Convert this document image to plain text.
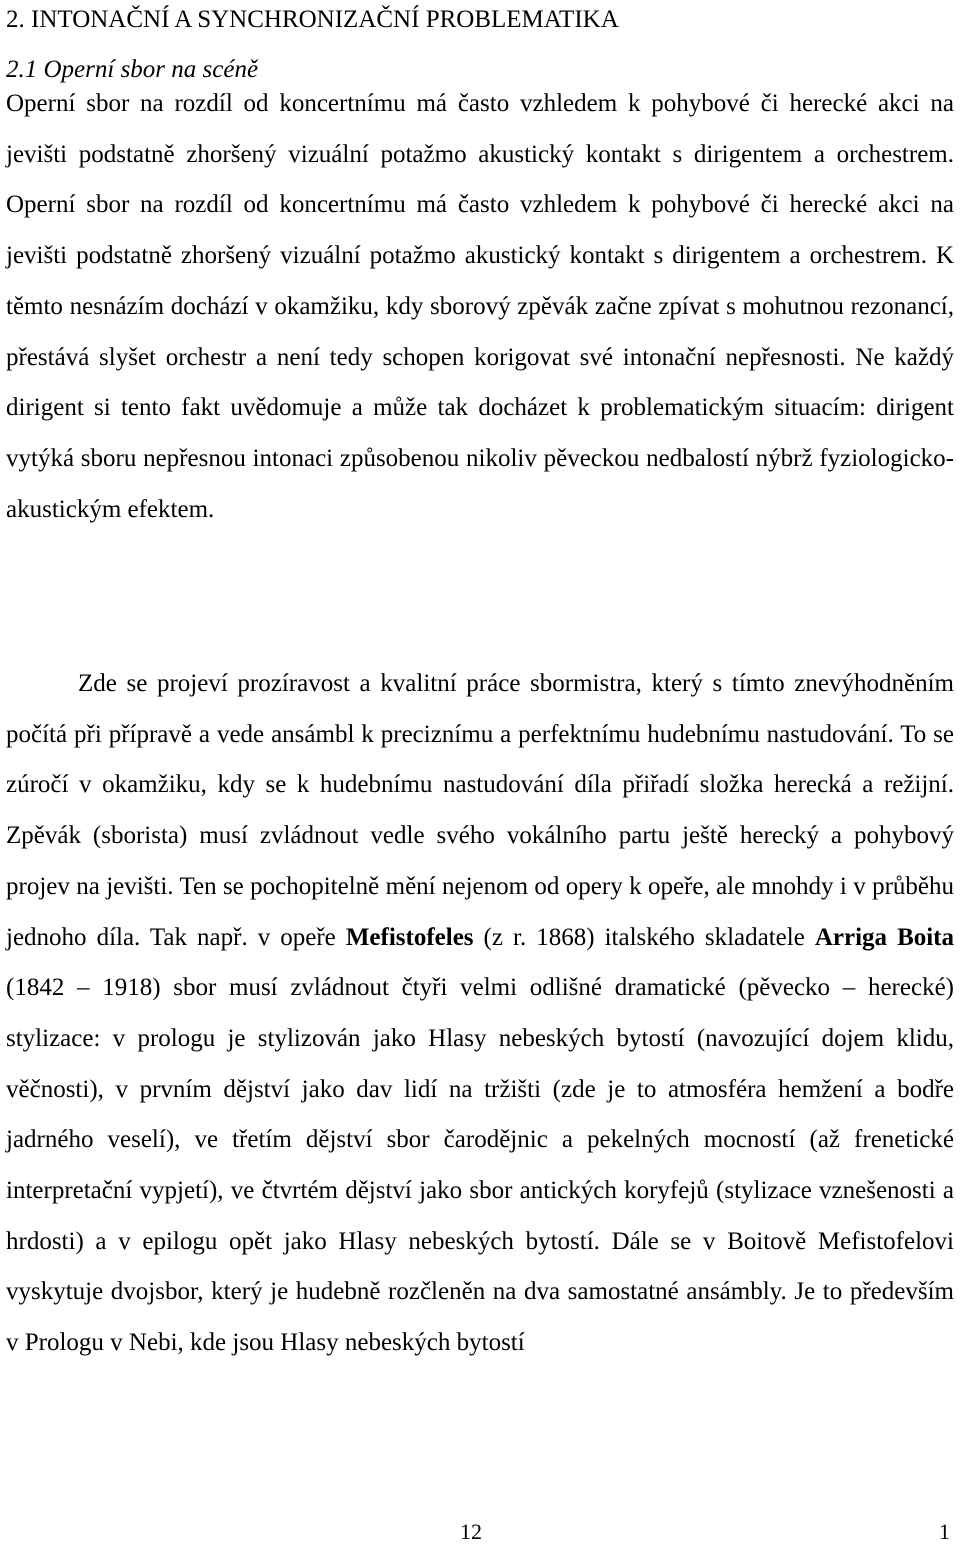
2. INTONAČNÍ A SYNCHRONIZAČNÍ PROBLEMATIKA
2.1 Operní sbor na scéně

Operní sbor na rozdíl od koncertnímu má často vzhledem k pohybové či herecké akci na jevišti podstatně zhoršený vizuální potažmo akustický kontakt s dirigentem a orchestrem. Operní sbor na rozdíl od koncertnímu má často vzhledem k pohybové či herecké akci na jevišti podstatně zhoršený vizuální potažmo akustický kontakt s dirigentem a orchestrem. K těmto nesnázím dochází v okamžiku, kdy sborový zpěvák začne zpívat s mohutnou rezonancí, přestává slyšet orchestr a není tedy schopen korigovat své intonační nepřesnosti. Ne každý dirigent si tento fakt uvědomuje a může tak docházet k problematickým situacím: dirigent vytýká sboru nepřesnou intonaci způsobenou nikoliv pěveckou nedbalostí nýbrž fyziologicko-akustickým efektem.

Zde se projeví prozíravost a kvalitní práce sbormistra, který s tímto znevýhodněním počítá při přípravě a vede ansámbl k preciznímu a perfektnímu hudebnímu nastudování. To se zúročí v okamžiku, kdy se k hudebnímu nastudování díla přiřadí složka herecká a režijní. Zpěvák (sborista) musí zvládnout vedle svého vokálního partu ještě herecký a pohybový projev na jevišti. Ten se pochopitelně mění nejenom od opery k opeře, ale mnohdy i v průběhu jednoho díla. Tak např. v opeře Mefistofeles (z r. 1868) italského skladatele Arriga Boita (1842 – 1918) sbor musí zvládnout čtyři velmi odlišné dramatické (pěvecko – herecké) stylizace: v prologu je stylizován jako Hlasy nebeských bytostí (navozující dojem klidu, věčnosti), v prvním dějství jako dav lidí na tržišti (zde je to atmosféra hemžení a bodře jadrného veselí), ve třetím dějství sbor čarodějnic a pekelných mocností (až frenetické interpretační vypjetí), ve čtvrtém dějství jako sbor antických koryfejů (stylizace vznešenosti a hrdosti) a v epilogu opět jako Hlasy nebeských bytostí. Dále se v Boitově Mefistofelovi vyskytuje dvojsbor, který je hudebně rozčleněn na dva samostatné ansámbly. Je to především v Prologu v Nebi, kde jsou Hlasy nebeských bytostí

12	1
